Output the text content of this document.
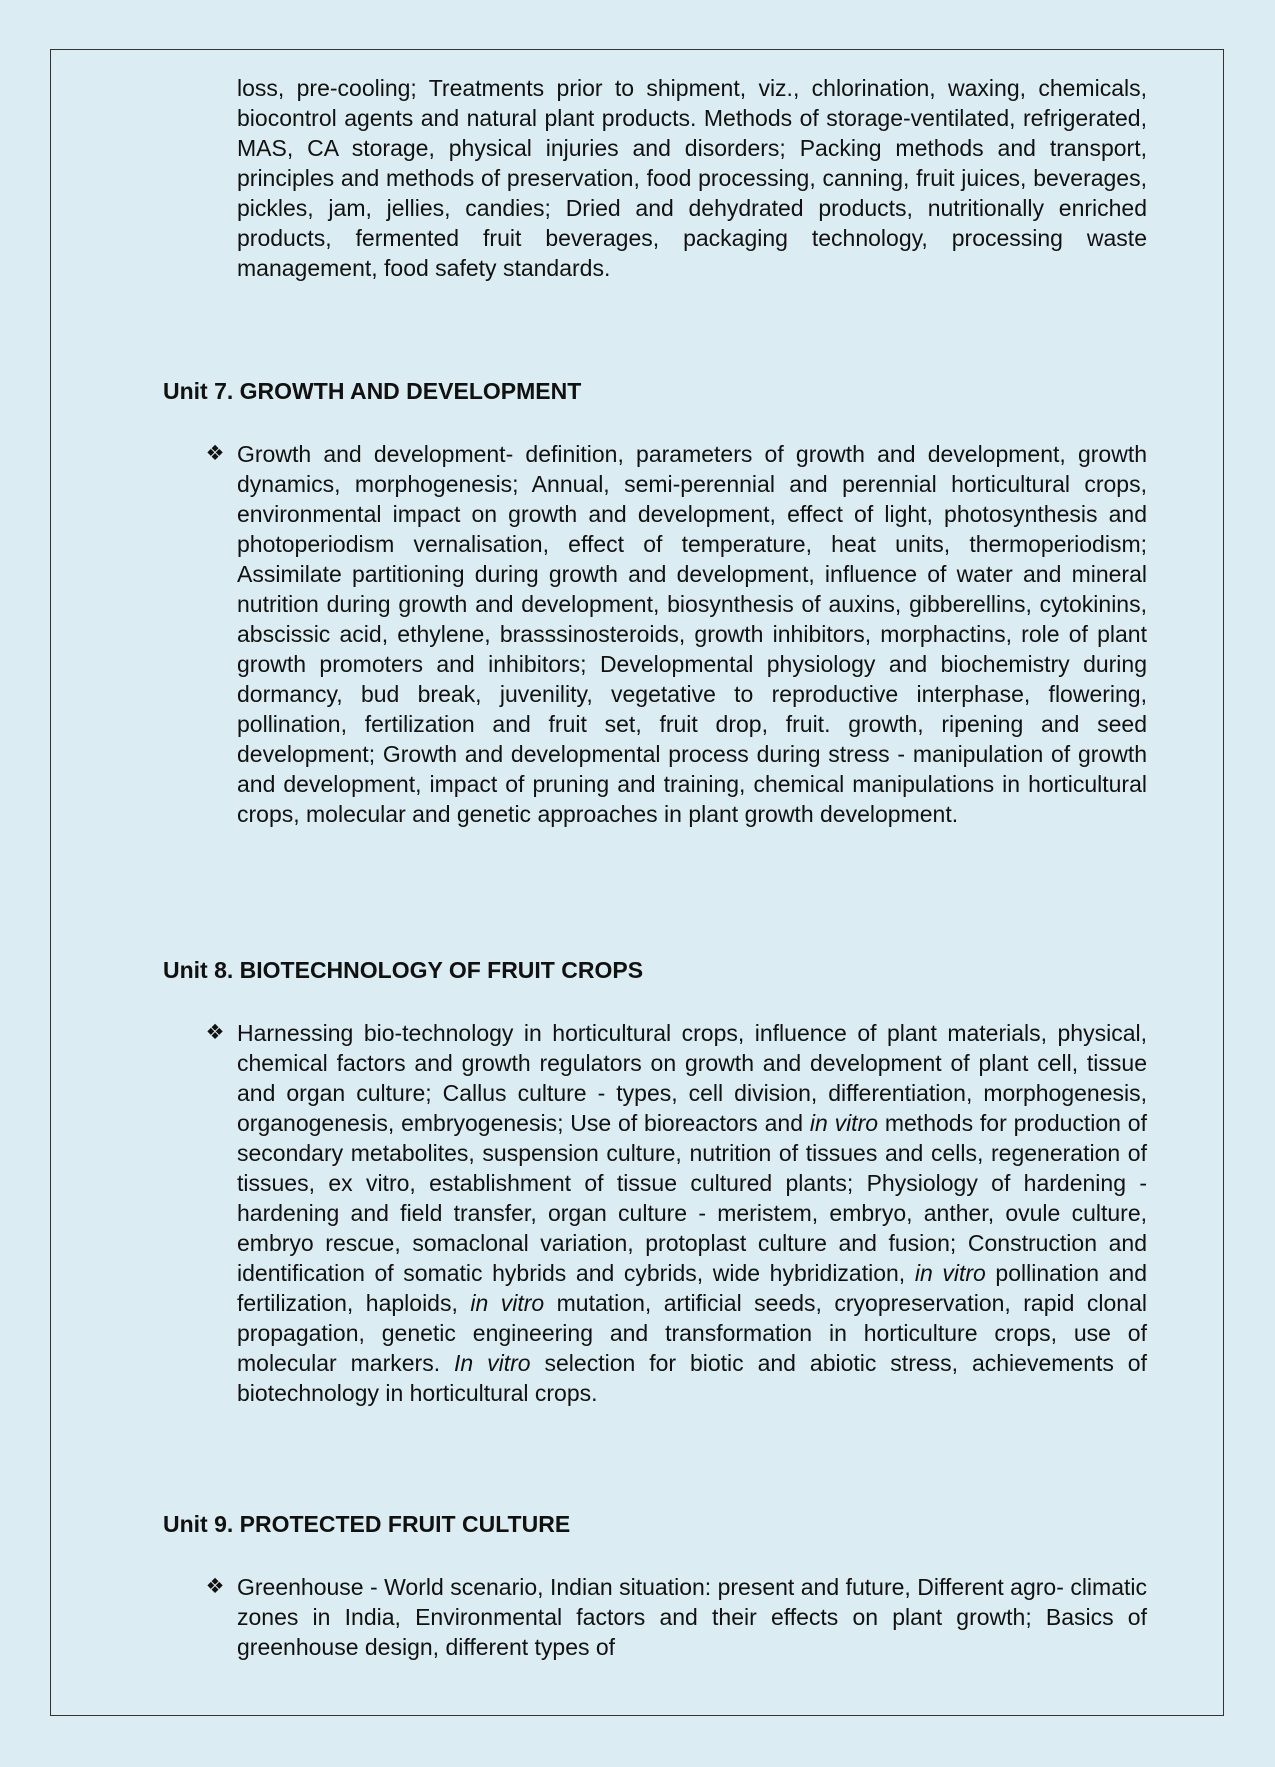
loss, pre-cooling; Treatments prior to shipment, viz., chlorination, waxing, chemicals, biocontrol agents and natural plant products. Methods of storage-ventilated, refrigerated, MAS, CA storage, physical injuries and disorders; Packing methods and transport, principles and methods of preservation, food processing, canning, fruit juices, beverages, pickles, jam, jellies, candies; Dried and dehydrated products, nutritionally enriched products, fermented fruit beverages, packaging technology, processing waste management, food safety standards.

Unit 7. GROWTH AND DEVELOPMENT
❖ Growth and development- definition, parameters of growth and development, growth dynamics, morphogenesis; Annual, semi-perennial and perennial horticultural crops, environmental impact on growth and development, effect of light, photosynthesis and photoperiodism vernalisation, effect of temperature, heat units, thermoperiodism; Assimilate partitioning during growth and development, influence of water and mineral nutrition during growth and development, biosynthesis of auxins, gibberellins, cytokinins, abscissic acid, ethylene, brasssinosteroids, growth inhibitors, morphactins, role of plant growth promoters and inhibitors; Developmental physiology and biochemistry during dormancy, bud break, juvenility, vegetative to reproductive interphase, flowering, pollination, fertilization and fruit set, fruit drop, fruit. growth, ripening and seed development; Growth and developmental process during stress - manipulation of growth and development, impact of pruning and training, chemical manipulations in horticultural crops, molecular and genetic approaches in plant growth development.

Unit 8. BIOTECHNOLOGY OF FRUIT CROPS
❖ Harnessing bio-technology in horticultural crops, influence of plant materials, physical, chemical factors and growth regulators on growth and development of plant cell, tissue and organ culture; Callus culture - types, cell division, differentiation, morphogenesis, organogenesis, embryogenesis; Use of bioreactors and in vitro methods for production of secondary metabolites, suspension culture, nutrition of tissues and cells, regeneration of tissues, ex vitro, establishment of tissue cultured plants; Physiology of hardening - hardening and field transfer, organ culture - meristem, embryo, anther, ovule culture, embryo rescue, somaclonal variation, protoplast culture and fusion; Construction and identification of somatic hybrids and cybrids, wide hybridization, in vitro pollination and fertilization, haploids, in vitro mutation, artificial seeds, cryopreservation, rapid clonal propagation, genetic engineering and transformation in horticulture crops, use of molecular markers. In vitro selection for biotic and abiotic stress, achievements of biotechnology in horticultural crops.

Unit 9. PROTECTED FRUIT CULTURE
❖ Greenhouse - World scenario, Indian situation: present and future, Different agro- climatic zones in India, Environmental factors and their effects on plant growth; Basics of greenhouse design, different types of
